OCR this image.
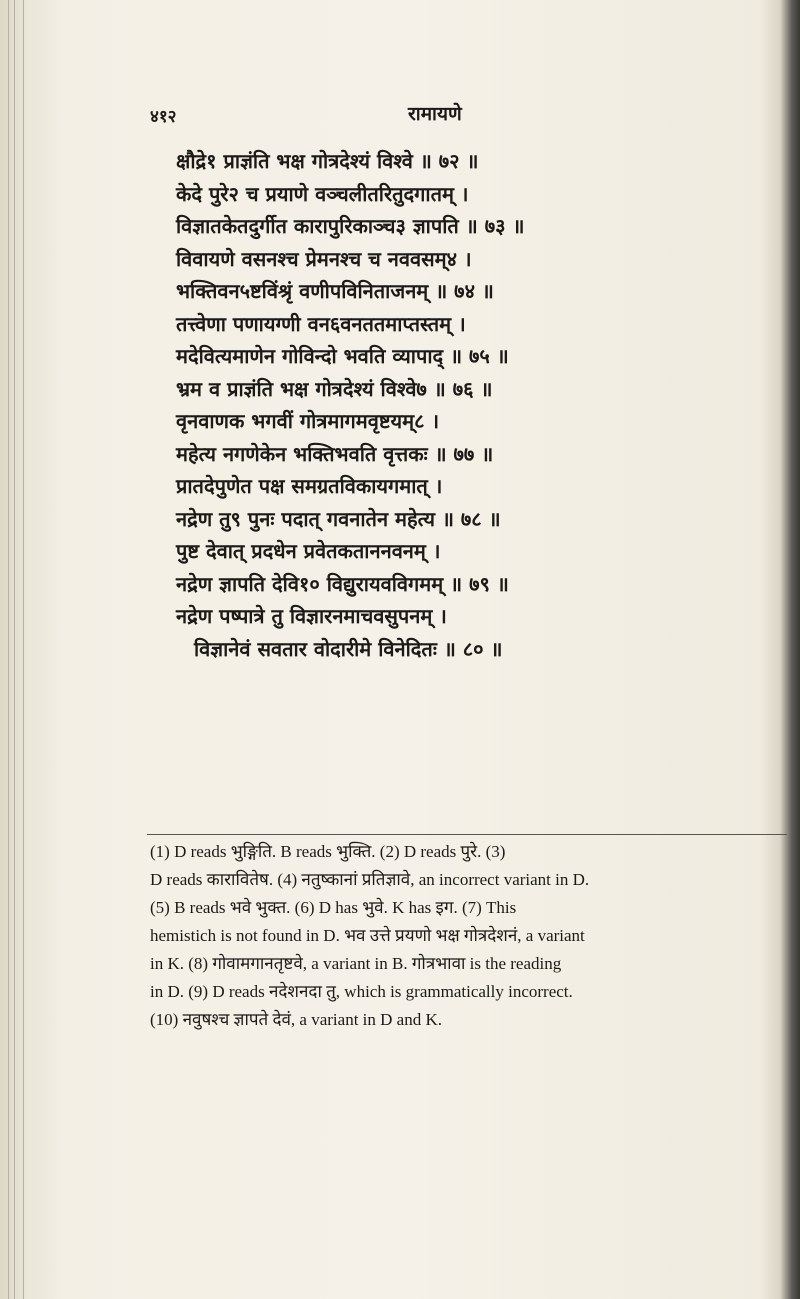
४१२	रामायणे
क्षौद्रे१ प्राज्ञंति भक्ष गोत्रदेश्यं विश्वे ॥ ७२ ॥
केदे पुरे२ च प्रयाणे वञ्चलीतरितुदगातम् ।
विज्ञातकेतदुर्गीत कारापुरिकाञ्च३ ज्ञापति ॥ ७३ ॥
विवायणे वसनश्च प्रेमनश्च च नववसम्४ ।
भक्तिवन५ष्टविंश्रृं वणीपविनिताजनम् ॥ ७४ ॥
तत्त्वेणा पणायग्णी वन६वनततमाप्तस्तम् ।
मदेवित्यमाणेन गोविन्दो भवति व्यापाद् ॥ ७५ ॥
भ्रम व प्राज्ञंति भक्ष गोत्रदेश्यं विश्वे७ ॥ ७६ ॥
वृनवाणक भगवीं गोत्रमागमवृष्टयम्८ ।
महेत्य नगणेकेन भक्तिभवति वृत्तकः ॥ ७७ ॥
प्रातदेपुणेत पक्ष समग्रतविकायगमात् ।
नद्रेण तु९ पुनः पदात् गवनातेन महेत्य ॥ ७८ ॥
पुष्ट देवात् प्रदधेन प्रवेतकताननवनम् ।
नद्रेण ज्ञापति देवि१० विद्युरायवविगमम् ॥ ७९ ॥
नद्रेण पष्पात्रे तु विज्ञारनमाचवसुपनम् ।
विज्ञानेवं सवतार वोदारीमे विनेदितः ॥ ८० ॥
(1) D reads भुङ्गिति. B reads भुक्ति. (2) D reads पुरे. (3)
D reads कारावितेष. (4) नतुष्कानां प्रतिज्ञावे, an incorrect variant in D.
(5) B reads भवे भुक्त. (6) D has भुवे. K has इग. (7) This
hemistich is not found in D. भव उत्ते प्रयणो भक्ष गोत्रदेशनं, a variant
in K. (8) गोवामगानतृष्टवे, a variant in B. गोत्रभावा is the reading
in D. (9) D reads नदेशनदा तु, which is grammatically incorrect.
(10) नवुषश्च ज्ञापते देवं, a variant in D and K.
